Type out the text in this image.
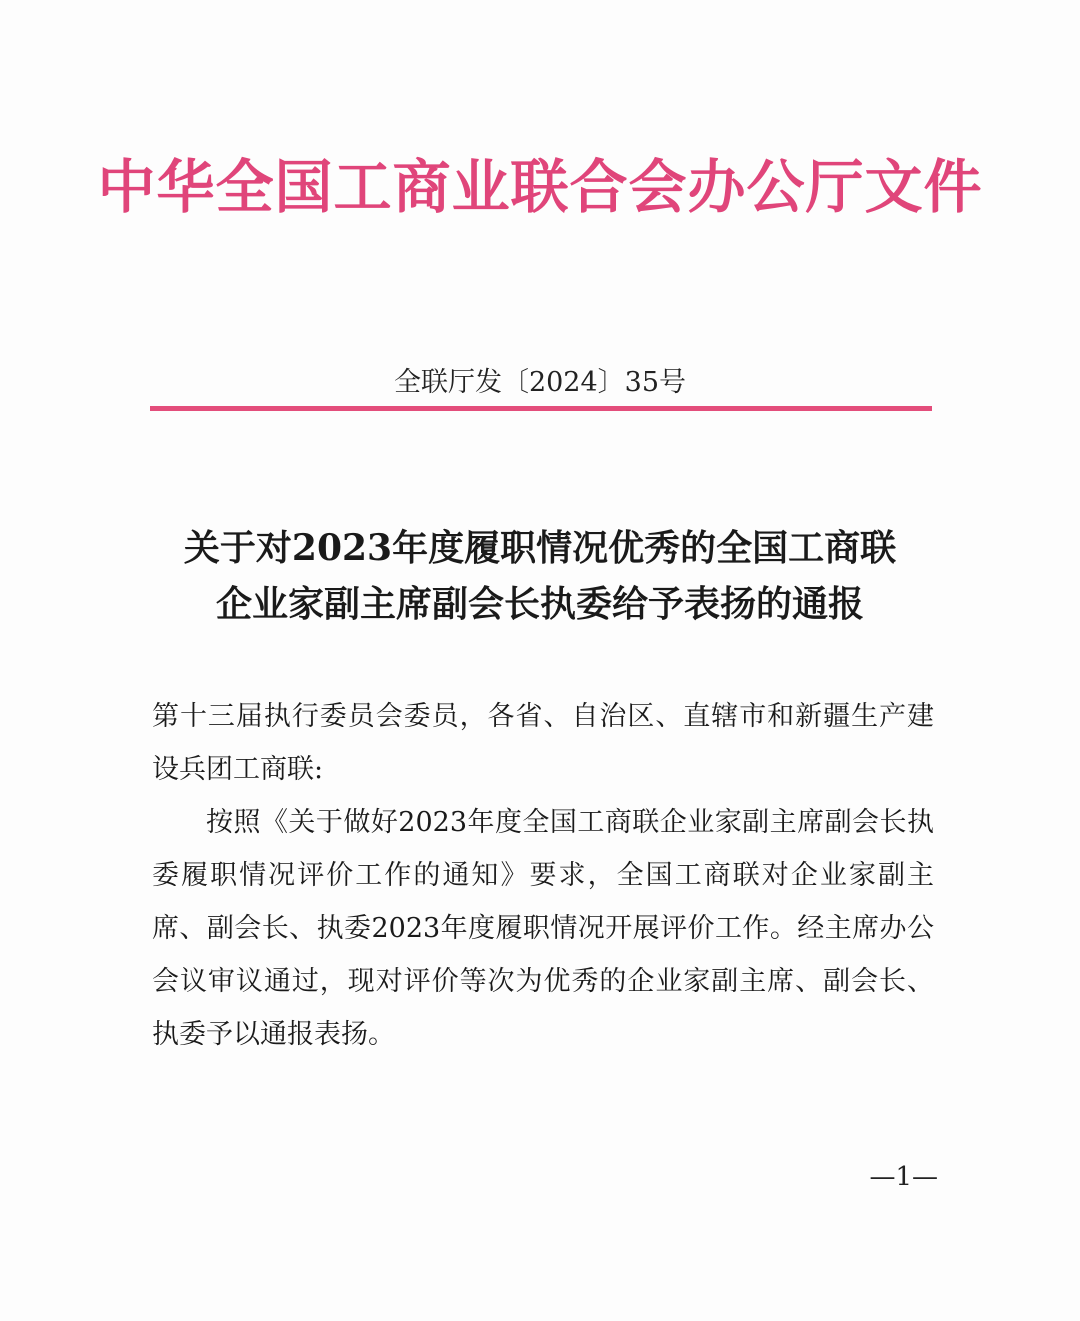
中华全国工商业联合会办公厅文件
全联厅发〔2024〕35号
关于对2023年度履职情况优秀的全国工商联
企业家副主席副会长执委给予表扬的通报

第十三届执行委员会委员，各省、自治区、直辖市和新疆生产建设兵团工商联:

按照《关于做好2023年度全国工商联企业家副主席副会长执委履职情况评价工作的通知》要求，全国工商联对企业家副主席、副会长、执委2023年度履职情况开展评价工作。经主席办公会议审议通过，现对评价等次为优秀的企业家副主席、副会长、执委予以通报表扬。

—1—
